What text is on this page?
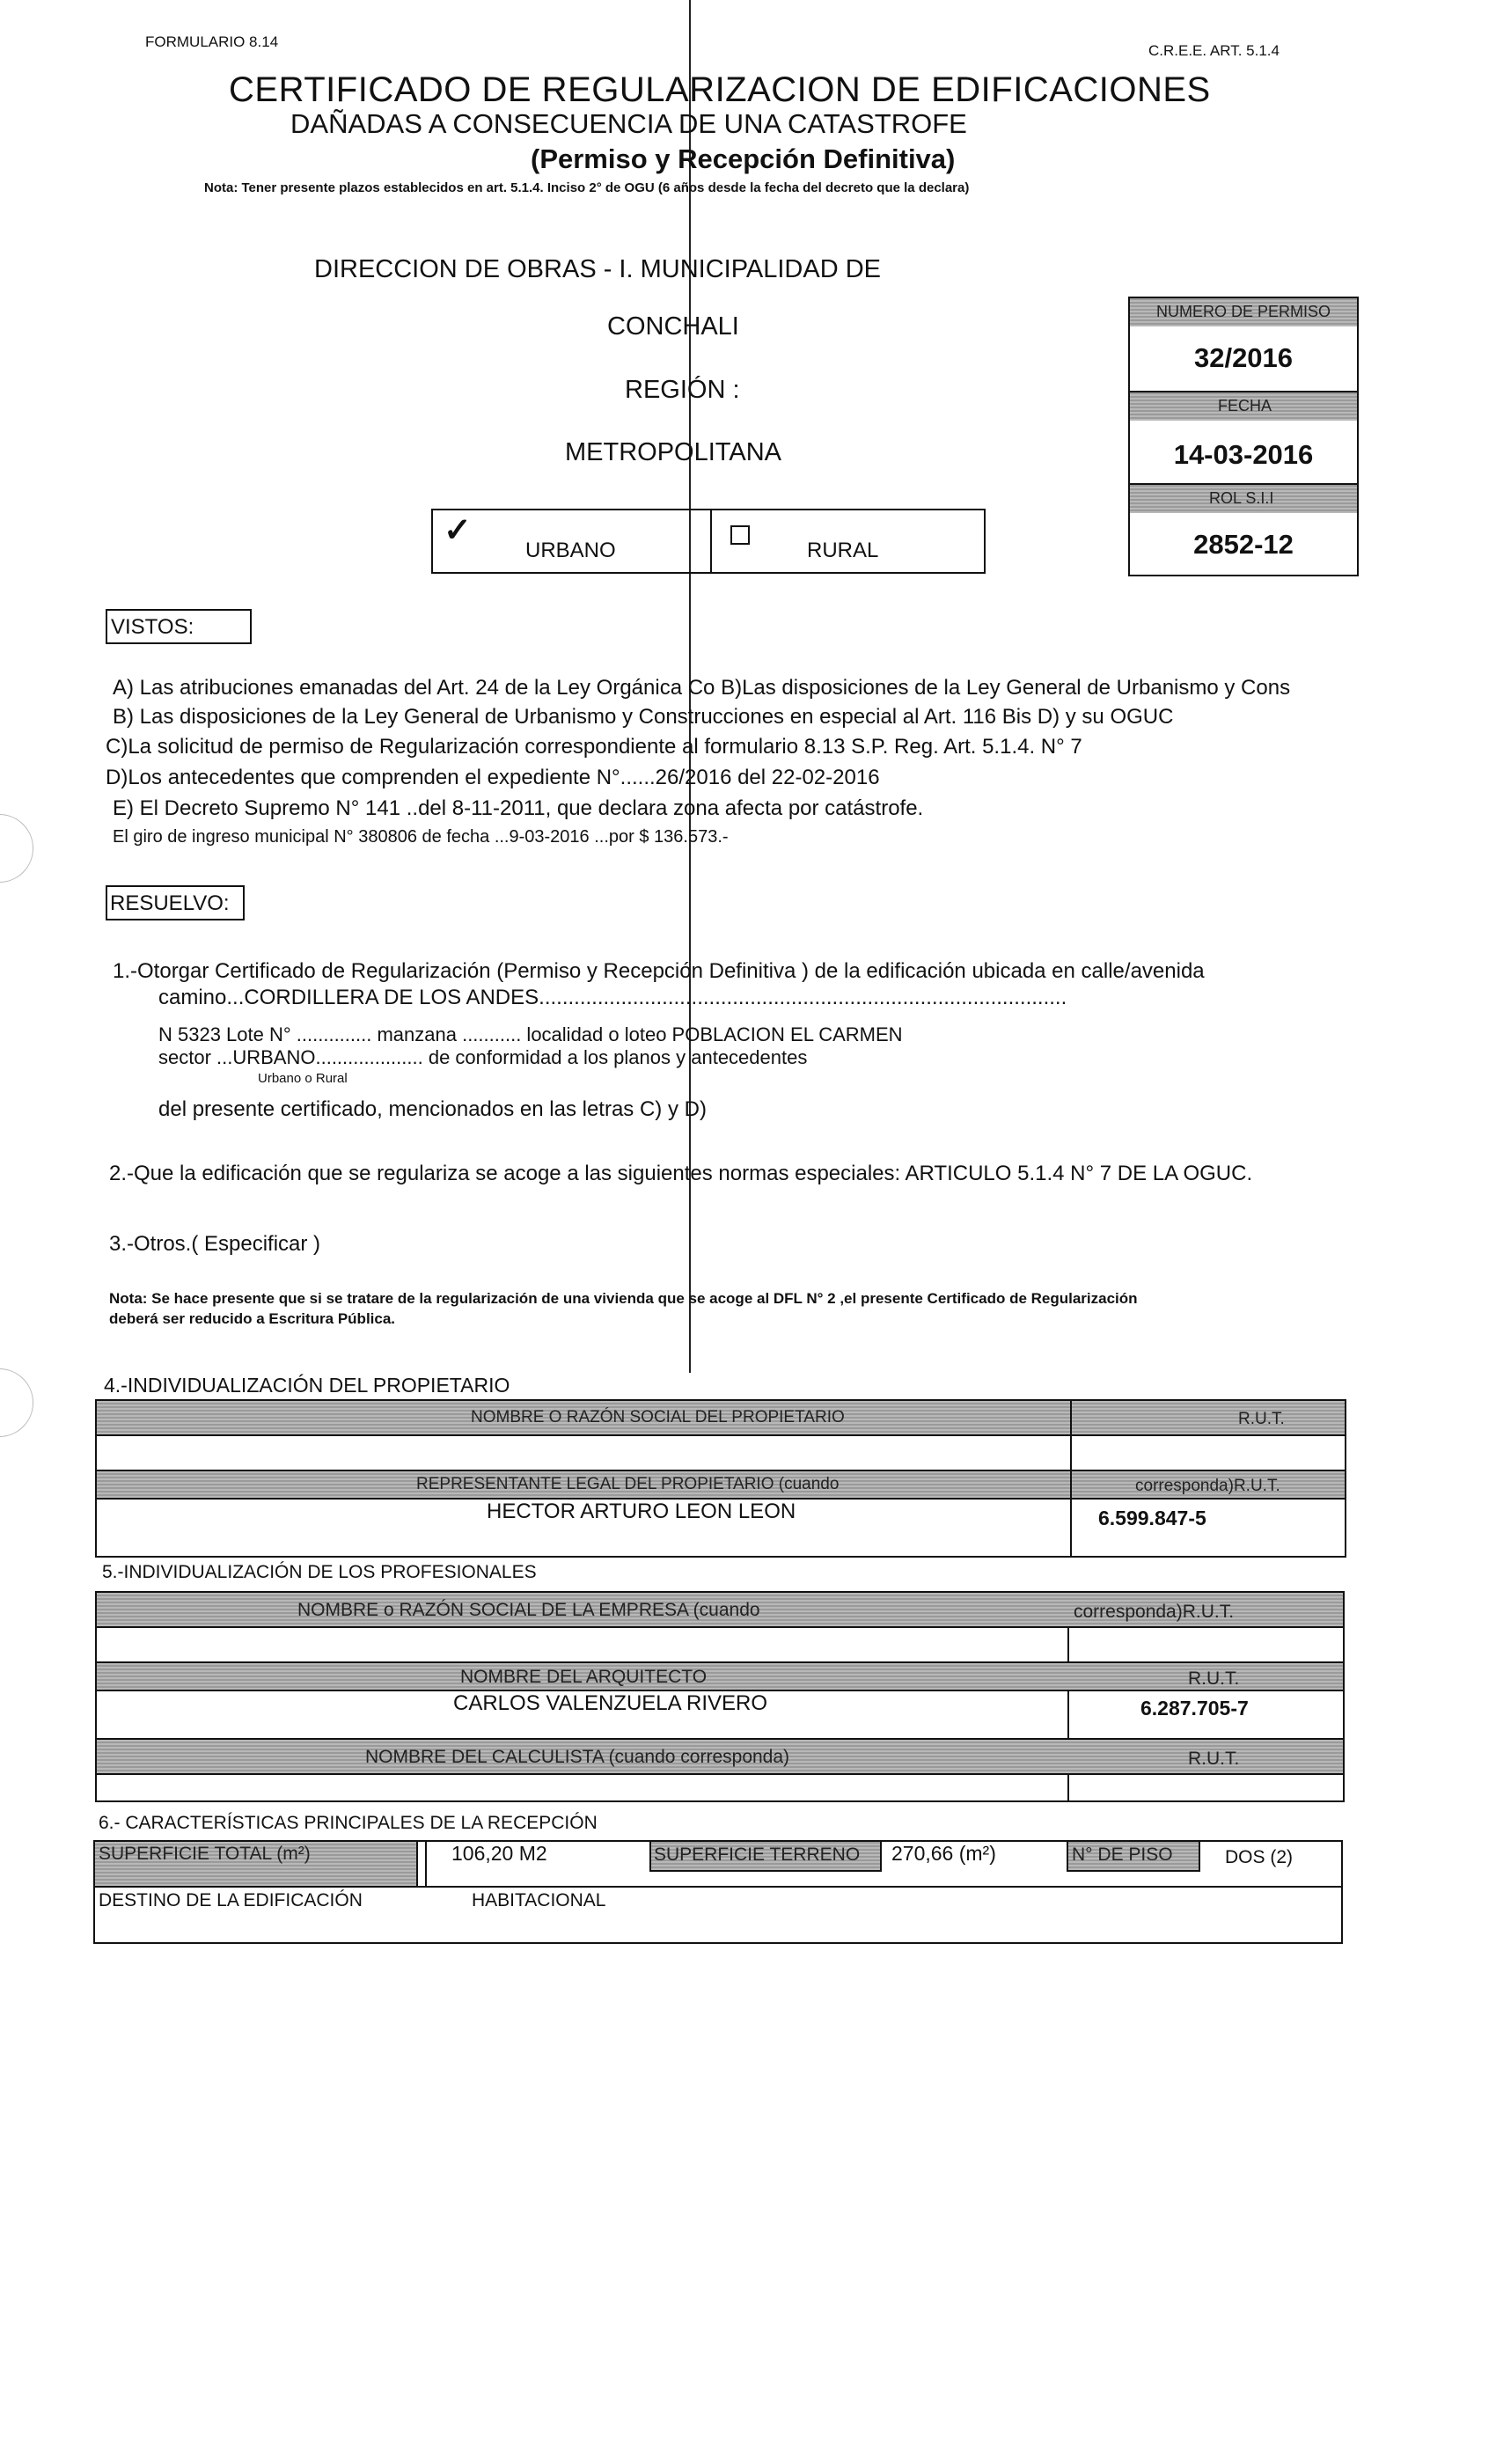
FORMULARIO 8.14
C.R.E.E. ART. 5.1.4
CERTIFICADO DE REGULARIZACION DE EDIFICACIONES
DAÑADAS A CONSECUENCIA DE UNA CATASTROFE
(Permiso y Recepción Definitiva)
Nota: Tener presente plazos establecidos en art. 5.1.4. Inciso 2° de OGU (6 años desde la fecha del decreto que la declara)
DIRECCION DE OBRAS - I. MUNICIPALIDAD DE
CONCHALI
REGIÓN :
METROPOLITANA
✓
URBANO	RURAL
NUMERO DE PERMISO
32/2016
FECHA
14-03-2016
ROL S.I.I
2852-12
VISTOS:
A) Las atribuciones emanadas del Art. 24 de la Ley Orgánica Co B)Las disposiciones de la Ley General de Urbanismo y Cons
B) Las disposiciones de la Ley General de Urbanismo y Construcciones en especial al Art. 116 Bis D) y su OGUC
C)La solicitud de permiso de Regularización correspondiente al formulario 8.13 S.P. Reg. Art. 5.1.4. N° 7
D)Los antecedentes que comprenden el expediente N°......26/2016 del 22-02-2016
E) El Decreto Supremo N° 141 ..del 8-11-2011, que declara zona afecta por catástrofe.
El giro de ingreso municipal N° 380806 de fecha ...9-03-2016 ...por $ 136.573.-
RESUELVO:
1.-Otorgar Certificado de Regularización (Permiso y Recepción Definitiva ) de la edificación ubicada en calle/avenida
camino...CORDILLERA DE LOS ANDES..........................................................................................
N 5323 Lote N° .............. manzana ........... localidad o loteo POBLACION EL CARMEN
sector ...URBANO.................... de conformidad a los planos y antecedentes
Urbano o Rural
del presente certificado, mencionados en las letras C) y D)
2.-Que la edificación que se regulariza se acoge a las siguientes normas especiales: ARTICULO 5.1.4 N° 7 DE LA OGUC.
3.-Otros.( Especificar )
Nota: Se hace presente que si se tratare de la regularización de una vivienda que se acoge al DFL N° 2 ,el presente Certificado de Regularización
deberá ser reducido a Escritura Pública.
4.-INDIVIDUALIZACIÓN DEL PROPIETARIO
NOMBRE O RAZÓN SOCIAL DEL PROPIETARIO	R.U.T.
REPRESENTANTE LEGAL DEL PROPIETARIO (cuando	corresponda)R.U.T.
HECTOR ARTURO LEON LEON	6.599.847-5
5.-INDIVIDUALIZACIÓN DE LOS PROFESIONALES
NOMBRE o RAZÓN SOCIAL DE LA EMPRESA (cuando	corresponda)R.U.T.
NOMBRE DEL ARQUITECTO	R.U.T.
CARLOS VALENZUELA RIVERO	6.287.705-7
NOMBRE DEL CALCULISTA (cuando corresponda)	R.U.T.
6.- CARACTERÍSTICAS PRINCIPALES DE LA RECEPCIÓN
SUPERFICIE TOTAL (m²)	106,20 M2	SUPERFICIE TERRENO 270,66 (m²)	N° DE PISO	DOS (2)
DESTINO DE LA EDIFICACIÓN	HABITACIONAL
